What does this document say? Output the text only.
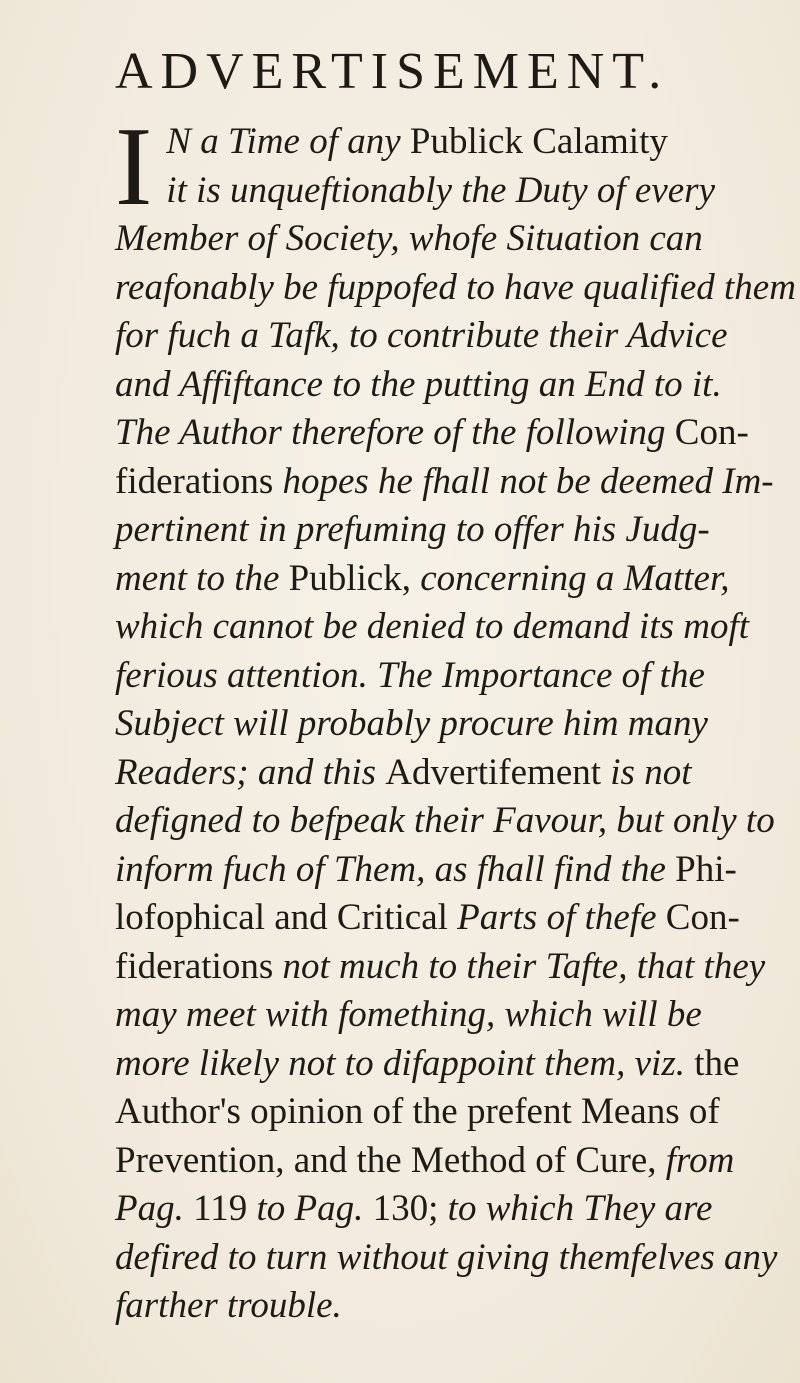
ADVERTISEMENT.
I N a Time of any Publick Calamity
it is unqueftionably the Duty of every
Member of Society, whofe Situation can
reafonably be fuppofed to have qualified them
for fuch a Tafk, to contribute their Advice
and Affiftance to the putting an End to it.
The Author therefore of the following Con-
fiderations hopes he fhall not be deemed Im-
pertinent in prefuming to offer his Judg-
ment to the Publick, concerning a Matter,
which cannot be denied to demand its moft
ferious attention. The Importance of the
Subject will probably procure him many
Readers; and this Advertifement is not
defigned to befpeak their Favour, but only to
inform fuch of Them, as fhall find the Phi-
lofophical and Critical Parts of thefe Con-
fiderations not much to their Tafte, that they
may meet with fomething, which will be
more likely not to difappoint them, viz. the
Author's opinion of the prefent Means of
Prevention, and the Method of Cure, from
Pag. 119 to Pag. 130; to which They are
defired to turn without giving themfelves any
farther trouble.
